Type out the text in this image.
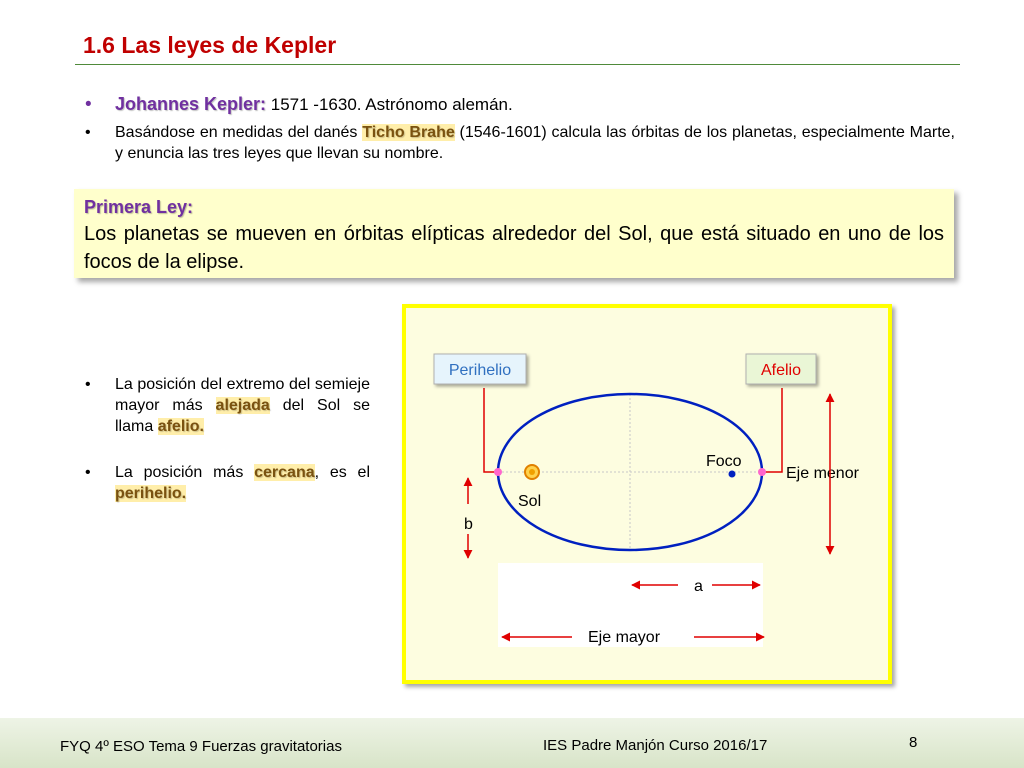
1.6 Las leyes de Kepler
• Johannes Kepler: 1571 -1630. Astrónomo alemán.
• Basándose en medidas del danés Ticho Brahe (1546-1601) calcula las órbitas de los planetas, especialmente Marte, y enuncia las tres leyes que llevan su nombre.
Primera Ley:
Los planetas se mueven en órbitas elípticas alrededor del Sol, que está situado en uno de los focos de la elipse.
• La posición del extremo del semieje mayor más alejada del Sol se llama afelio.
• La posición más cercana, es el perihelio.
Perihelio	Afelio
Foco
Sol
Eje menor
b
a
Eje mayor
FYQ 4º ESO Tema 9 Fuerzas gravitatorias	IES Padre Manjón Curso 2016/17	8
